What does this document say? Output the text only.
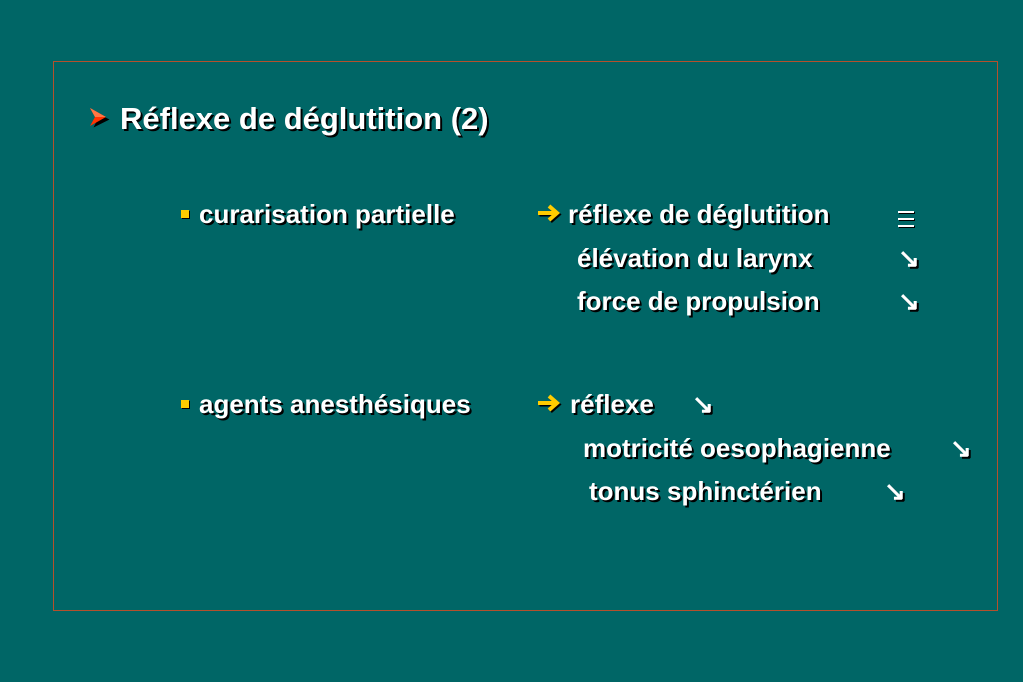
Réflexe de déglutition (2)
curarisation partielle	réflexe de déglutition
élévation du larynx	↘
force de propulsion	↘
agents anesthésiques	réflexe ↘
motricité oesophagienne ↘
tonus sphinctérien ↘
